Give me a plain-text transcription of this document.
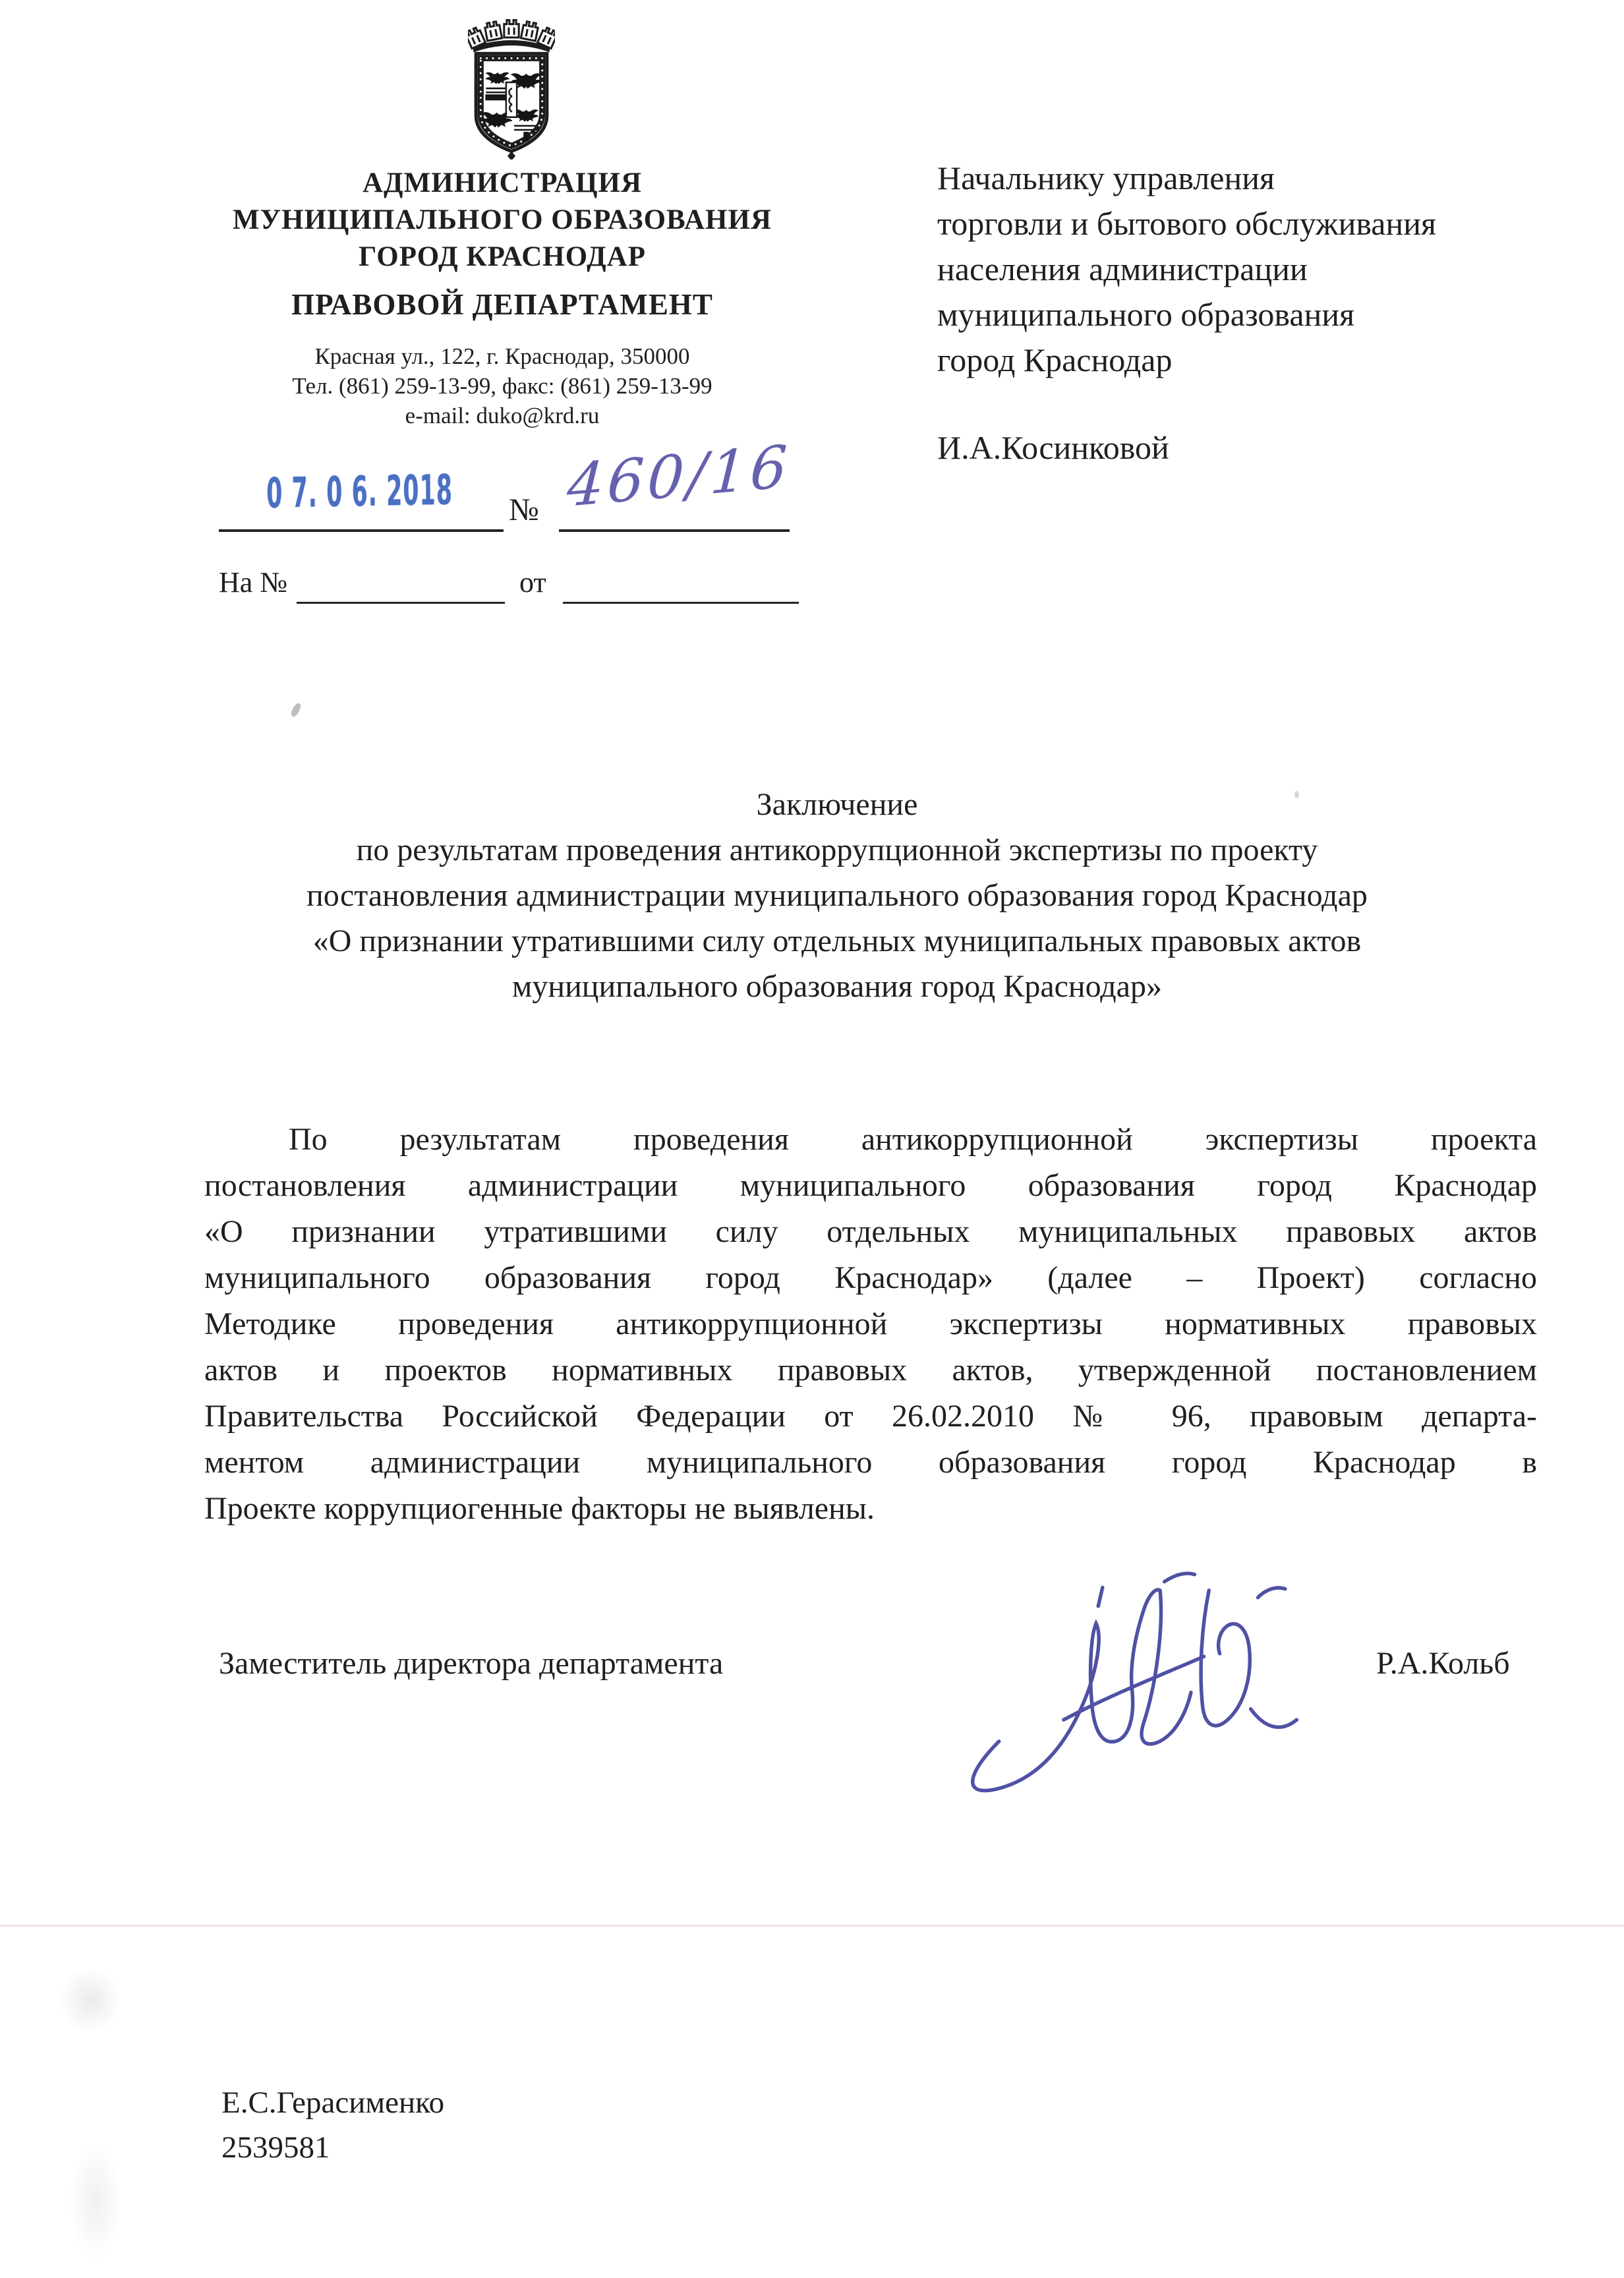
АДМИНИСТРАЦИЯ
МУНИЦИПАЛЬНОГО ОБРАЗОВАНИЯ
ГОРОД КРАСНОДАР
ПРАВОВОЙ ДЕПАРТАМЕНТ
Красная ул., 122, г. Краснодар, 350000
Тел. (861) 259-13-99, факс: (861) 259-13-99
e-mail: duko@krd.ru
Начальнику управления
торговли и бытового обслуживания
населения администрации
муниципального образования
город Краснодар
И.А.Косинковой
0 7. 0 6. 2018 № 460/16
На №	от
Заключение
по результатам проведения антикоррупционной экспертизы по проекту
постановления администрации муниципального образования город Краснодар
«О признании утратившими силу отдельных муниципальных правовых актов
муниципального образования город Краснодар»
По результатам проведения антикоррупционной экспертизы проекта
постановления администрации муниципального образования город Краснодар
«О признании утратившими силу отдельных муниципальных правовых актов
муниципального образования город Краснодар» (далее – Проект) согласно
Методике проведения антикоррупционной экспертизы нормативных правовых
актов и проектов нормативных правовых актов, утвержденной постановлением
Правительства Российской Федерации от 26.02.2010 № 96, правовым департа-
ментом администрации муниципального образования город Краснодар в
Проекте коррупциогенные факторы не выявлены.
Заместитель директора департамента	Р.А.Кольб
Е.С.Герасименко
2539581
